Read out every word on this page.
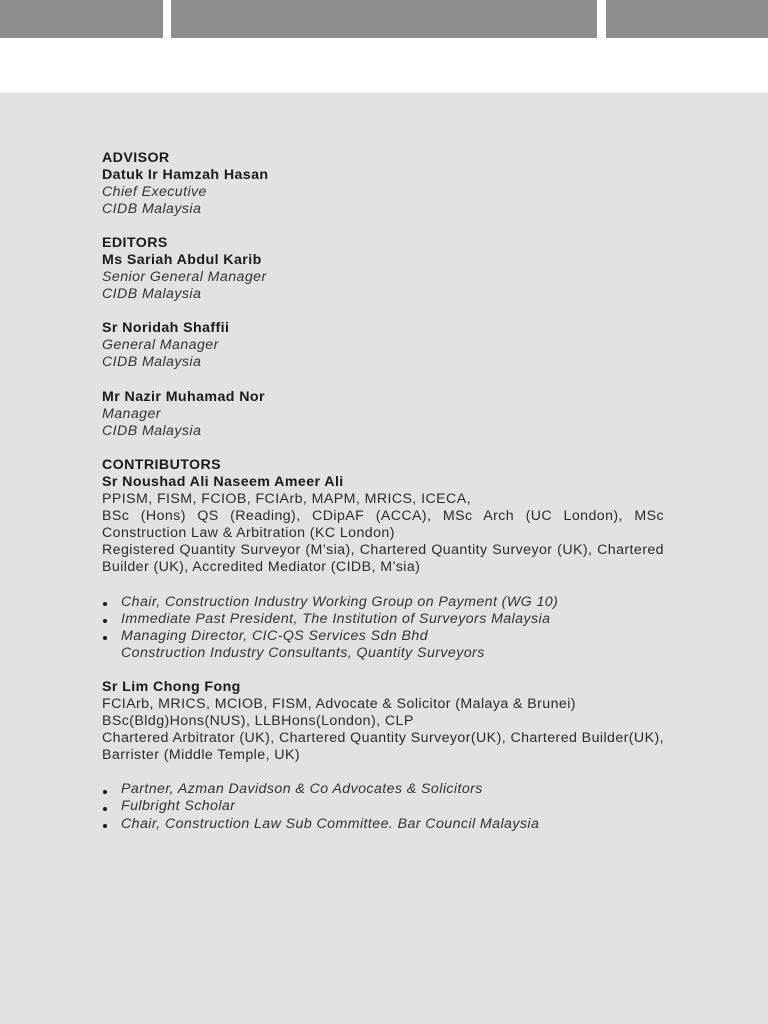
ADVISOR
Datuk Ir Hamzah Hasan
Chief Executive
CIDB Malaysia
EDITORS
Ms Sariah Abdul Karib
Senior General Manager
CIDB Malaysia
Sr Noridah Shaffii
General Manager
CIDB Malaysia
Mr Nazir Muhamad Nor
Manager
CIDB Malaysia
CONTRIBUTORS
Sr Noushad Ali Naseem Ameer Ali
PPISM, FISM, FCIOB, FCIArb, MAPM, MRICS, ICECA,
BSc (Hons) QS (Reading), CDipAF (ACCA), MSc Arch (UC London), MSc
Construction Law & Arbitration (KC London)
Registered Quantity Surveyor (M’sia), Chartered Quantity Surveyor (UK), Chartered
Builder (UK), Accredited Mediator (CIDB, M’sia)
Chair, Construction Industry Working Group on Payment (WG 10)
Immediate Past President, The Institution of Surveyors Malaysia
Managing Director, CIC-QS Services Sdn Bhd
Construction Industry Consultants, Quantity Surveyors
Sr Lim Chong Fong
FCIArb, MRICS, MCIOB, FISM, Advocate & Solicitor (Malaya & Brunei)
BSc(Bldg)Hons(NUS), LLBHons(London), CLP
Chartered Arbitrator (UK), Chartered Quantity Surveyor(UK), Chartered Builder(UK),
Barrister (Middle Temple, UK)
Partner, Azman Davidson & Co Advocates & Solicitors
Fulbright Scholar
Chair, Construction Law Sub Committee. Bar Council Malaysia
